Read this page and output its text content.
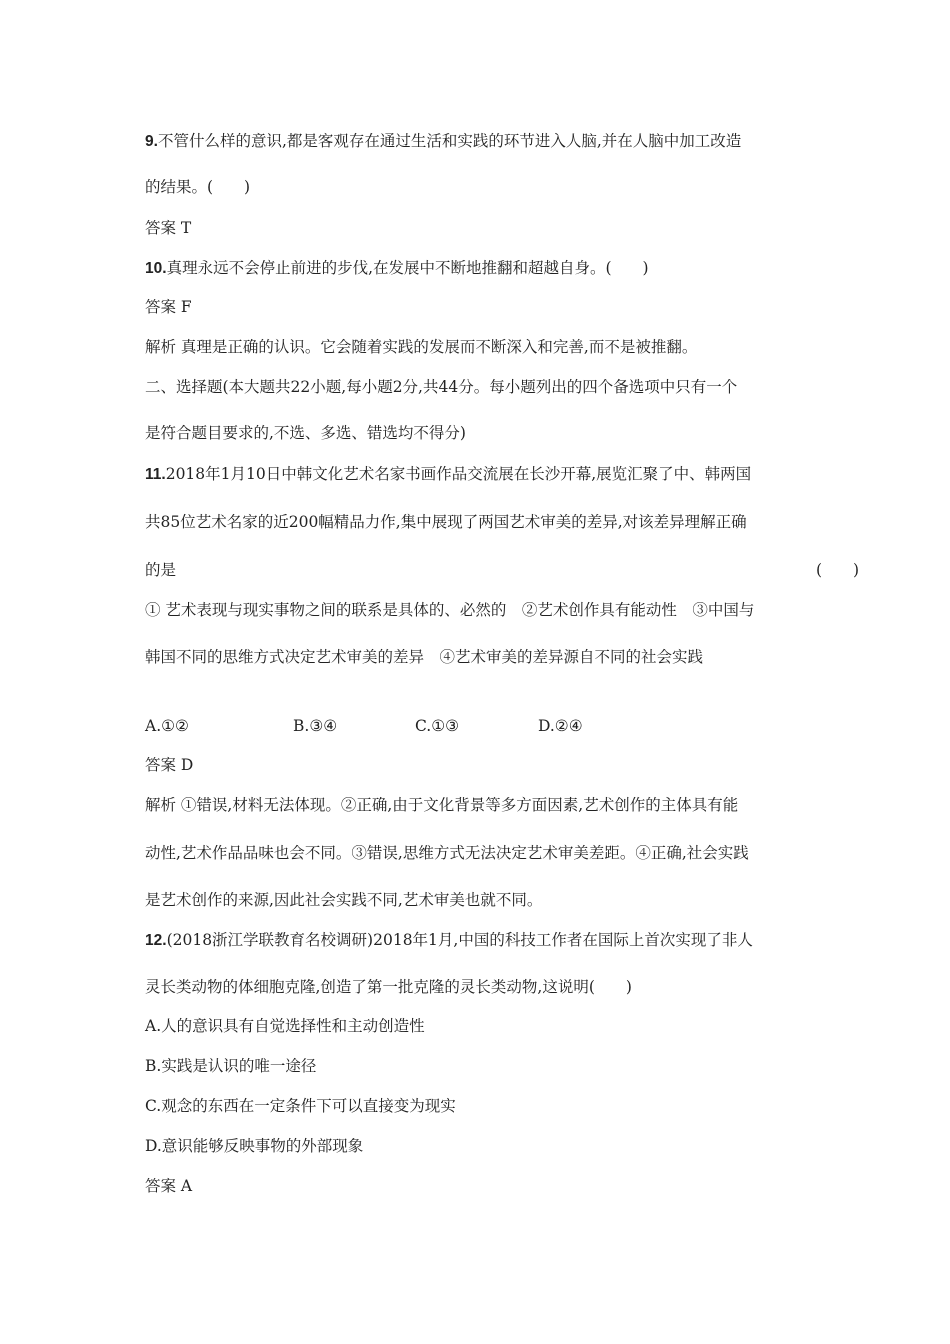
9.不管什么样的意识,都是客观存在通过生活和实践的环节进入人脑,并在人脑中加工改造
的结果。(　　)
答案 T
10.真理永远不会停止前进的步伐,在发展中不断地推翻和超越自身。(　　)
答案 F
解析 真理是正确的认识。它会随着实践的发展而不断深入和完善,而不是被推翻。
二、选择题(本大题共22小题,每小题2分,共44分。每小题列出的四个备选项中只有一个
是符合题目要求的,不选、多选、错选均不得分)
11.2018年1月10日中韩文化艺术名家书画作品交流展在长沙开幕,展览汇聚了中、韩两国
共85位艺术名家的近200幅精品力作,集中展现了两国艺术审美的差异,对该差异理解正确
的是	(　　)
① 艺术表现与现实事物之间的联系是具体的、必然的　②艺术创作具有能动性　③中国与
韩国不同的思维方式决定艺术审美的差异　④艺术审美的差异源自不同的社会实践
A.①②	B.③④	C.①③	D.②④
答案 D
解析 ①错误,材料无法体现。②正确,由于文化背景等多方面因素,艺术创作的主体具有能
动性,艺术作品品味也会不同。③错误,思维方式无法决定艺术审美差距。④正确,社会实践
是艺术创作的来源,因此社会实践不同,艺术审美也就不同。
12.(2018浙江学联教育名校调研)2018年1月,中国的科技工作者在国际上首次实现了非人
灵长类动物的体细胞克隆,创造了第一批克隆的灵长类动物,这说明(　　)
A.人的意识具有自觉选择性和主动创造性
B.实践是认识的唯一途径
C.观念的东西在一定条件下可以直接变为现实
D.意识能够反映事物的外部现象
答案 A
